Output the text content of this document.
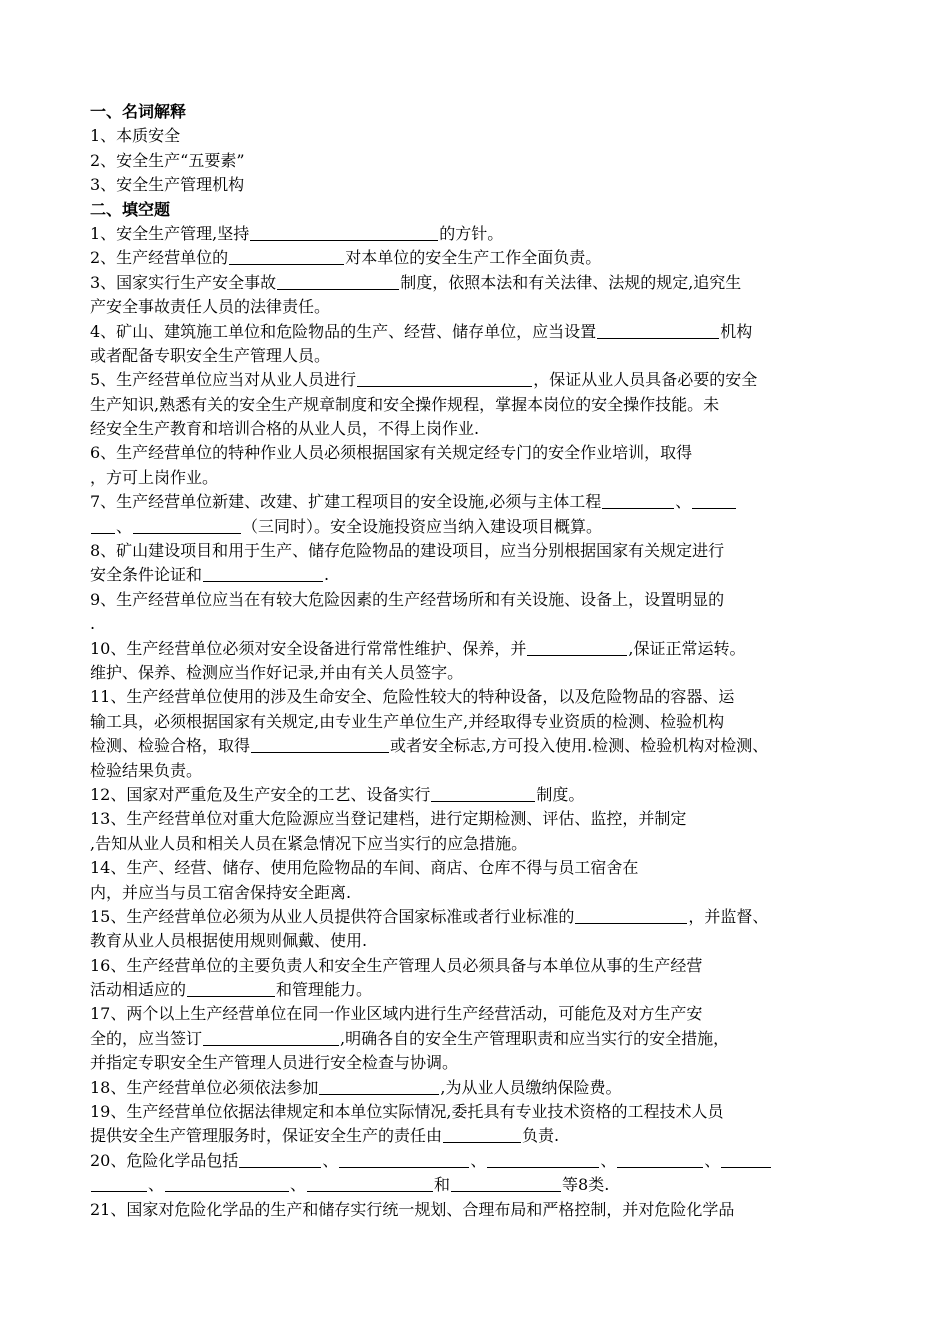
一、名词解释
1、本质安全
2、安全生产“五要素”
3、安全生产管理机构
二、填空题
1、安全生产管理,坚持	的方针。
2、生产经营单位的	对本单位的安全生产工作全面负责。
3、国家实行生产安全事故	制度，依照本法和有关法律、法规的规定,追究生
产安全事故责任人员的法律责任。
4、矿山、建筑施工单位和危险物品的生产、经营、储存单位，应当设置	机构
或者配备专职安全生产管理人员。
5、生产经营单位应当对从业人员进行	，保证从业人员具备必要的安全
生产知识,熟悉有关的安全生产规章制度和安全操作规程，掌握本岗位的安全操作技能。未
经安全生产教育和培训合格的从业人员，不得上岗作业.
6、生产经营单位的特种作业人员必须根据国家有关规定经专门的安全作业培训，取得
，方可上岗作业。
7、生产经营单位新建、改建、扩建工程项目的安全设施,必须与主体工程	、
、	（三同时）。安全设施投资应当纳入建设项目概算。
8、矿山建设项目和用于生产、储存危险物品的建设项目，应当分别根据国家有关规定进行
安全条件论证和	.
9、生产经营单位应当在有较大危险因素的生产经营场所和有关设施、设备上，设置明显的
.
10、生产经营单位必须对安全设备进行常常性维护、保养，并	,保证正常运转。
维护、保养、检测应当作好记录,并由有关人员签字。
11、生产经营单位使用的涉及生命安全、危险性较大的特种设备，以及危险物品的容器、运
输工具，必须根据国家有关规定,由专业生产单位生产,并经取得专业资质的检测、检验机构
检测、检验合格，取得	或者安全标志,方可投入使用.检测、检验机构对检测、
检验结果负责。
12、国家对严重危及生产安全的工艺、设备实行	制度。
13、生产经营单位对重大危险源应当登记建档，进行定期检测、评估、监控，并制定
,告知从业人员和相关人员在紧急情况下应当实行的应急措施。
14、生产、经营、储存、使用危险物品的车间、商店、仓库不得与员工宿舍在
内，并应当与员工宿舍保持安全距离.
15、生产经营单位必须为从业人员提供符合国家标准或者行业标准的	，并监督、
教育从业人员根据使用规则佩戴、使用.
16、生产经营单位的主要负责人和安全生产管理人员必须具备与本单位从事的生产经营
活动相适应的	和管理能力。
17、两个以上生产经营单位在同一作业区域内进行生产经营活动，可能危及对方生产安
全的，应当签订	,明确各自的安全生产管理职责和应当实行的安全措施，
并指定专职安全生产管理人员进行安全检查与协调。
18、生产经营单位必须依法参加	,为从业人员缴纳保险费。
19、生产经营单位依据法律规定和本单位实际情况,委托具有专业技术资格的工程技术人员
提供安全生产管理服务时，保证安全生产的责任由	负责.
20、危险化学品包括	、	、	、	、
、	、	和	等8类.
21、国家对危险化学品的生产和储存实行统一规划、合理布局和严格控制，并对危险化学品
